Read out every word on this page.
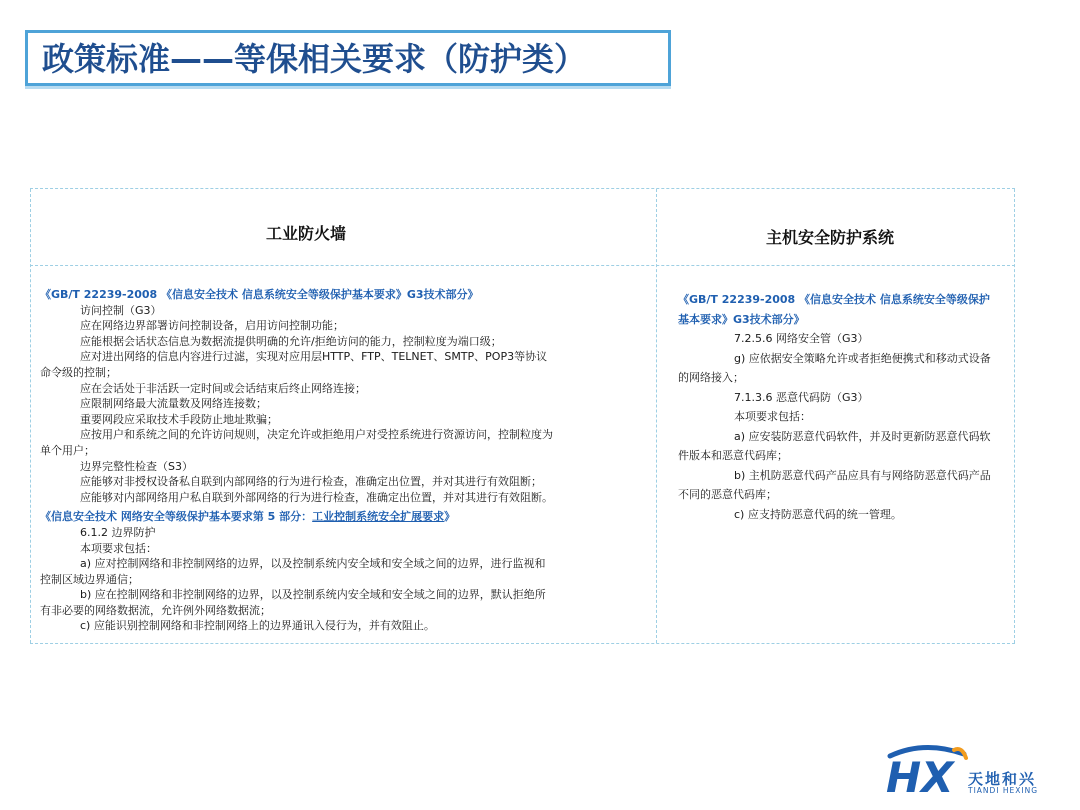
政策标准——等保相关要求（防护类）
工业防火墙	主机安全防护系统
《GB/T 22239-2008 《信息安全技术 信息系统安全等级保护基本要求》G3技术部分》
访问控制（G3）
应在网络边界部署访问控制设备，启用访问控制功能；
应能根据会话状态信息为数据流提供明确的允许/拒绝访问的能力，控制粒度为端口级；
应对进出网络的信息内容进行过滤，实现对应用层HTTP、FTP、TELNET、SMTP、POP3等协议
命令级的控制；
应在会话处于非活跃一定时间或会话结束后终止网络连接；
应限制网络最大流量数及网络连接数；
重要网段应采取技术手段防止地址欺骗；
应按用户和系统之间的允许访问规则，决定允许或拒绝用户对受控系统进行资源访问，控制粒度为
单个用户；
边界完整性检查（S3）
应能够对非授权设备私自联到内部网络的行为进行检查，准确定出位置，并对其进行有效阻断；
应能够对内部网络用户私自联到外部网络的行为进行检查，准确定出位置，并对其进行有效阻断。
《信息安全技术 网络安全等级保护基本要求第 5 部分：工业控制系统安全扩展要求》
6.1.2 边界防护
本项要求包括：
a) 应对控制网络和非控制网络的边界，以及控制系统内安全域和安全域之间的边界，进行监视和
控制区域边界通信；
b) 应在控制网络和非控制网络的边界，以及控制系统内安全域和安全域之间的边界，默认拒绝所
有非必要的网络数据流，允许例外网络数据流；
c) 应能识别控制网络和非控制网络上的边界通讯入侵行为，并有效阻止。
《GB/T 22239-2008 《信息安全技术 信息系统安全等级保护基本要求》G3技术部分》
7.2.5.6 网络安全管（G3）
g) 应依据安全策略允许或者拒绝便携式和移动式设备的网络接入；
7.1.3.6 恶意代码防（G3）
本项要求包括：
a) 应安装防恶意代码软件，并及时更新防恶意代码软件版本和恶意代码库；
b) 主机防恶意代码产品应具有与网络防恶意代码产品不同的恶意代码库；
c) 应支持防恶意代码的统一管理。
HX 天地和兴
TIANDI HEXING
